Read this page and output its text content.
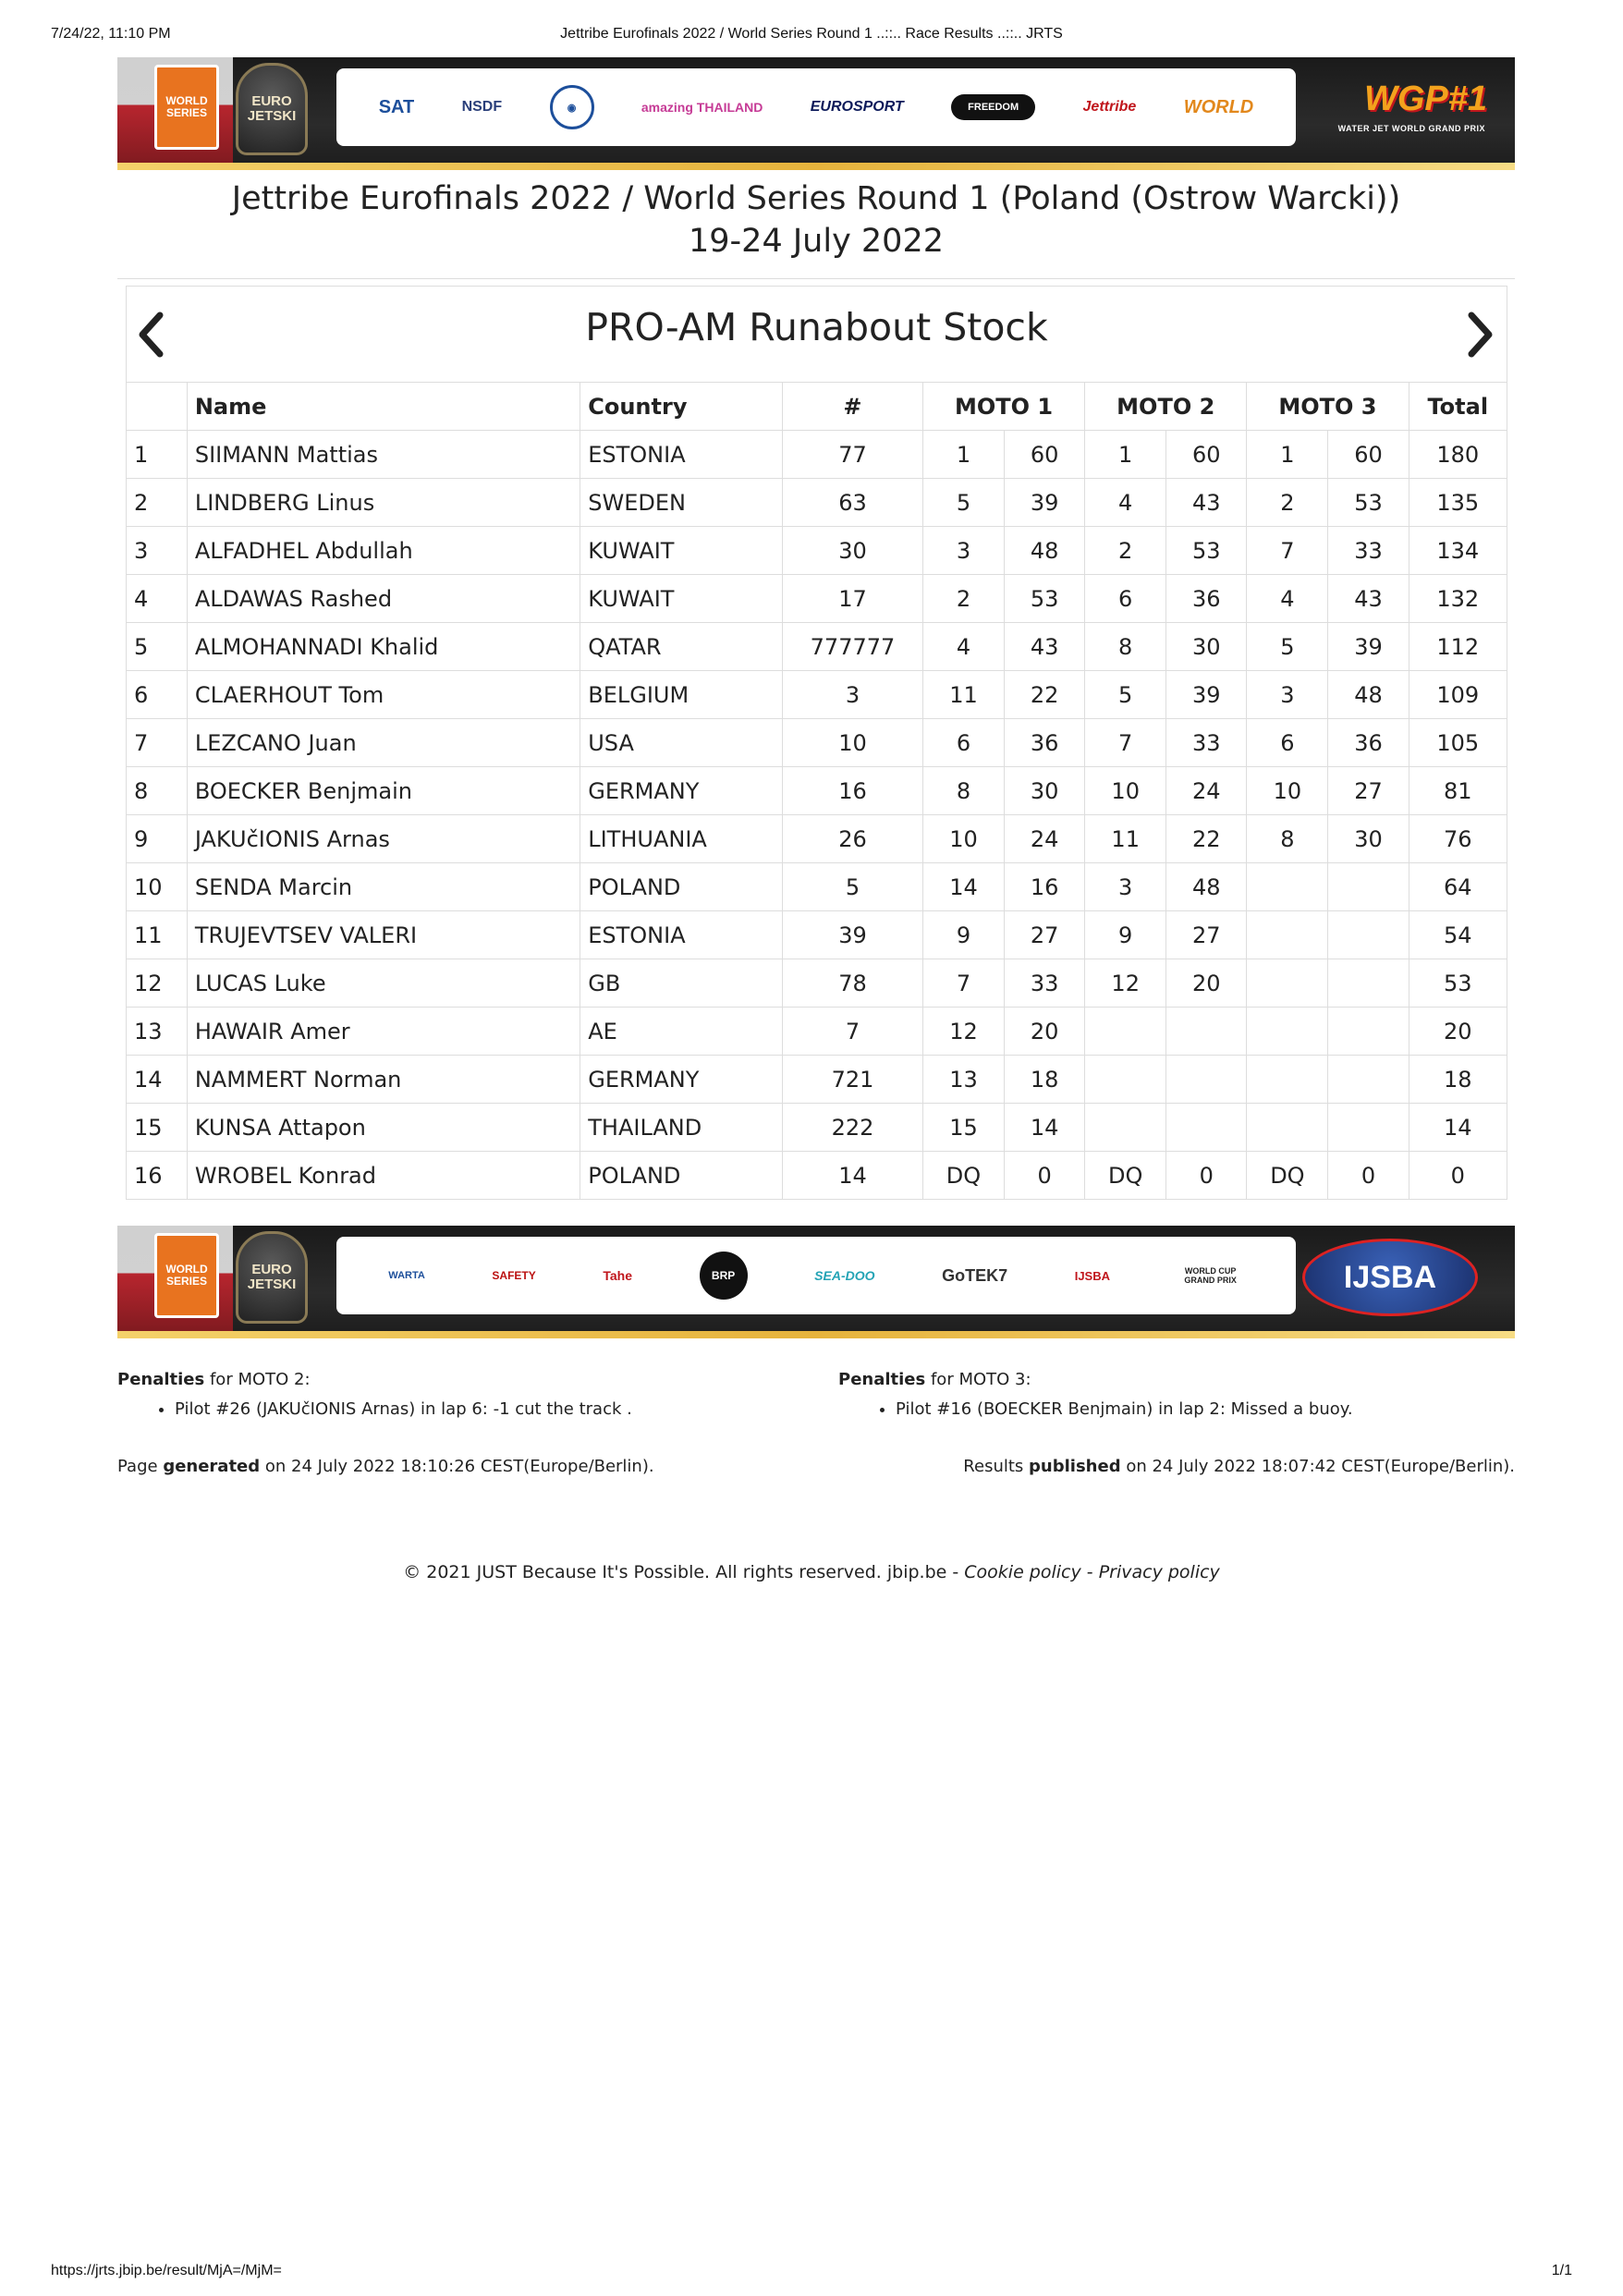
7/24/22, 11:10 PM	Jettribe Eurofinals 2022 / World Series Round 1 ..::.. Race Results ..::.. JRTS
WORLD SERIES
EURO JETSKI	SAT	NSDF	◉	amazing THAILAND	EUROSPORT	FREEDOM	Jettribe	WORLD	WGP#1
WATER JET WORLD GRAND PRIX
Jettribe Eurofinals 2022 / World Series Round 1 (Poland (Ostrow Warcki))
19-24 July 2022
PRO-AM Runabout Stock
	Name	Country	#	MOTO 1		MOTO 2		MOTO 3		Total
1	SIIMANN Mattias	ESTONIA	77	1	60	1	60	1	60	180
2	LINDBERG Linus	SWEDEN	63	5	39	4	43	2	53	135
3	ALFADHEL Abdullah	KUWAIT	30	3	48	2	53	7	33	134
4	ALDAWAS Rashed	KUWAIT	17	2	53	6	36	4	43	132
5	ALMOHANNADI Khalid	QATAR	777777	4	43	8	30	5	39	112
6	CLAERHOUT Tom	BELGIUM	3	11	22	5	39	3	48	109
7	LEZCANO Juan	USA	10	6	36	7	33	6	36	105
8	BOECKER Benjmain	GERMANY	16	8	30	10	24	10	27	81
9	JAKUčIONIS Arnas	LITHUANIA	26	10	24	11	22	8	30	76
10	SENDA Marcin	POLAND	5	14	16	3	48			64
11	TRUJEVTSEV VALERI	ESTONIA	39	9	27	9	27			54
12	LUCAS Luke	GB	78	7	33	12	20			53
13	HAWAIR Amer	AE	7	12	20					20
14	NAMMERT Norman	GERMANY	721	13	18					18
15	KUNSA Attapon	THAILAND	222	15	14					14
16	WROBEL Konrad	POLAND	14	DQ	0	DQ	0	DQ	0	0
WORLD SERIES
EURO JETSKI
WARTA	SAFETY	Tahe	BRP	SEA-DOO	GoTEK7	IJSBA	WORLD CUP GRAND PRIX	IJSBA
Penalties for MOTO 2:
• Pilot #26 (JAKUčIONIS Arnas) in lap 6: -1 cut the track .
Penalties for MOTO 3:
• Pilot #16 (BOECKER Benjmain) in lap 2: Missed a buoy.
Page generated on 24 July 2022 18:10:26 CEST(Europe/Berlin).	Results published on 24 July 2022 18:07:42 CEST(Europe/Berlin).
© 2021 JUST Because It's Possible. All rights reserved. jbip.be - Cookie policy - Privacy policy
https://jrts.jbip.be/result/MjA=/MjM=	1/1
